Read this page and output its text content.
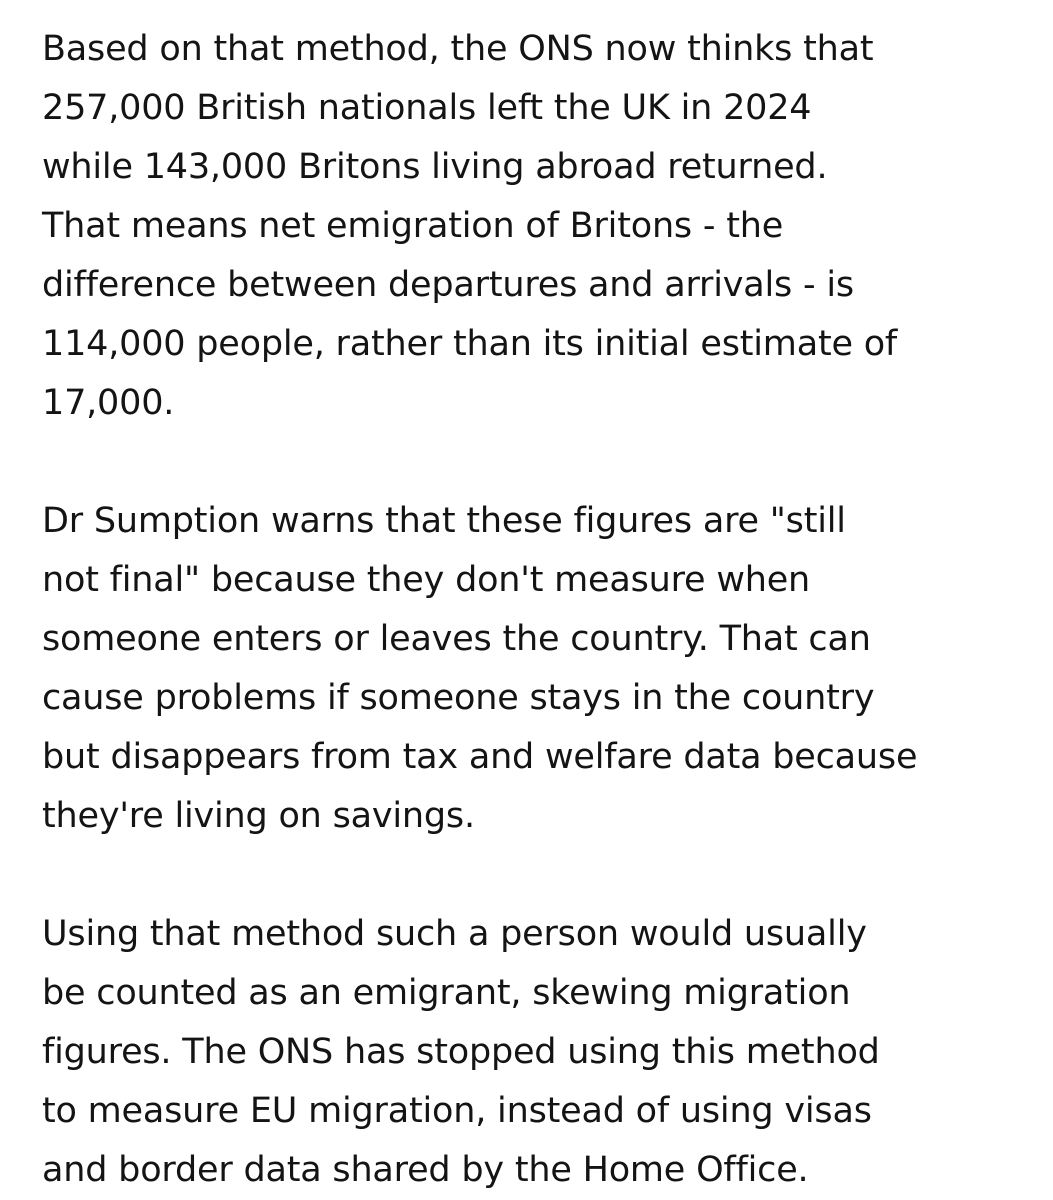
Based on that method, the ONS now thinks that
257,000 British nationals left the UK in 2024
while 143,000 Britons living abroad returned.
That means net emigration of Britons - the
difference between departures and arrivals - is
114,000 people, rather than its initial estimate of
17,000.

Dr Sumption warns that these figures are "still
not final" because they don't measure when
someone enters or leaves the country. That can
cause problems if someone stays in the country
but disappears from tax and welfare data because
they're living on savings.

Using that method such a person would usually
be counted as an emigrant, skewing migration
figures. The ONS has stopped using this method
to measure EU migration, instead of using visas
and border data shared by the Home Office.
